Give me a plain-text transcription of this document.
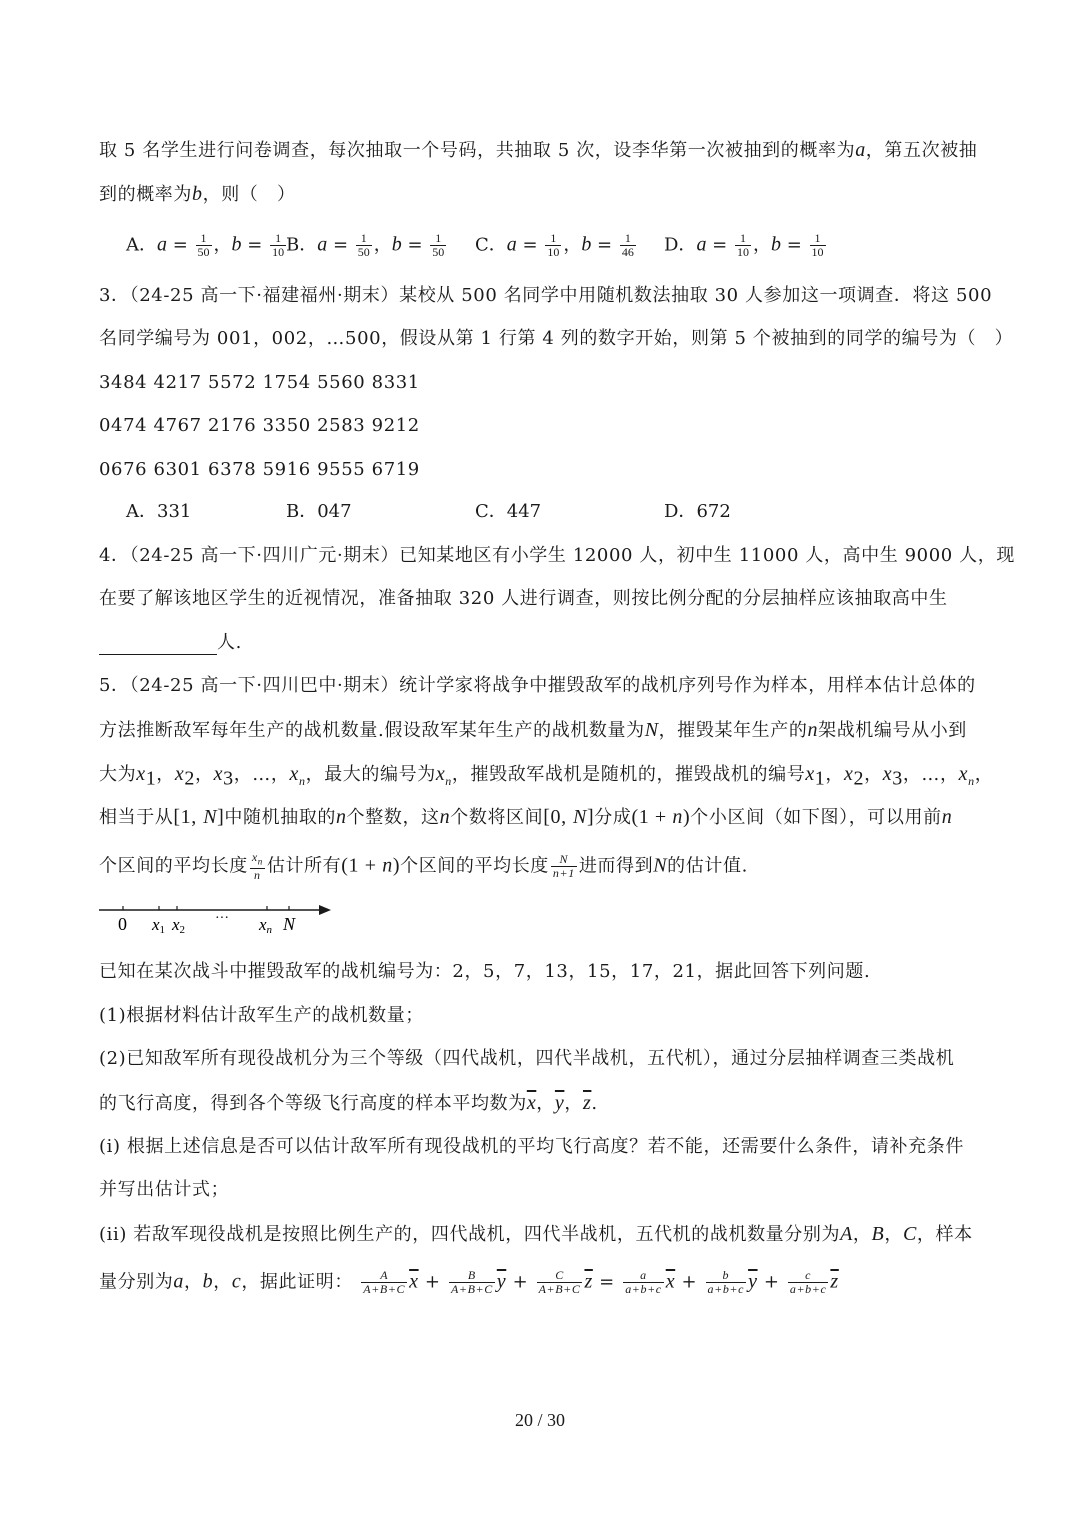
取 5 名学生进行问卷调查，每次抽取一个号码，共抽取 5 次，设李华第一次被抽到的概率为a，第五次被抽
到的概率为b，则（　）
A．$a = \frac{1}{50}$ ，$b = \frac{1}{10}$ B．$a = \frac{1}{50}$ ，$b = \frac{1}{50}$ C．$a = \frac{1}{10}$ ，$b = \frac{1}{46}$ D．$a = \frac{1}{10}$ ，$b = \frac{1}{10}$
3．（24-25 高一下·福建福州·期末）某校从 500 名同学中用随机数法抽取 30 人参加这一项调查．将这 500
名同学编号为 001，002，…500，假设从第 1 行第 4 列的数字开始，则第 5 个被抽到的同学的编号为（　）
3484 4217 5572 1754 5560 8331
0474 4767 2176 3350 2583 9212
0676 6301 6378 5916 9555 6719
A．331	B．047	C．447	D．672
4．（24-25 高一下·四川广元·期末）已知某地区有小学生 12000 人，初中生 11000 人，高中生 9000 人，现
在要了解该地区学生的近视情况，准备抽取 320 人进行调查，则按比例分配的分层抽样应该抽取高中生
人.
5．（24-25 高一下·四川巴中·期末）统计学家将战争中摧毁敌军的战机序列号作为样本，用样本估计总体的
方法推断敌军每年生产的战机数量.假设敌军某年生产的战机数量为N，摧毁某年生产的n架战机编号从小到
大为$x_1$，$x_2$，$x_3$，…，$x_n$，最大的编号为$x_n$，摧毁敌军战机是随机的，摧毁战机的编号$x_1$，$x_2$，$x_3$，…，$x_n$，
相当于从[1, N]中随机抽取的n个整数，这n个数将区间[0, N]分成(1 + n)个小区间（如下图），可以用前n
个区间的平均长度 $\frac{x_n}{n}$ 估计所有(1 + n)个区间的平均长度 $\frac{N}{n+1}$ 进而得到N的估计值.
0 x1 x2
··· xn N
已知在某次战斗中摧毁敌军的战机编号为：2，5，7，13，15，17，21，据此回答下列问题.
(1)根据材料估计敌军生产的战机数量；
(2)已知敌军所有现役战机分为三个等级（四代战机，四代半战机，五代机），通过分层抽样调查三类战机
的飞行高度，得到各个等级飞行高度的样本平均数为$\overline{x}$，$\overline{y}$，$\overline{z}$.
(i) 根据上述信息是否可以估计敌军所有现役战机的平均飞行高度？若不能，还需要什么条件，请补充条件
并写出估计式；
(ii) 若敌军现役战机是按照比例生产的，四代战机，四代半战机，五代机的战机数量分别为A，B，C，样本
量分别为a，b，c，据此证明： $\frac{A}{A+B+C} \overline{x} + \frac{B}{A+B+C} \overline{y} + \frac{C}{A+B+C} \overline{z} = \frac{a}{a+b+c} \overline{x} + \frac{b}{a+b+c} \overline{y} + \frac{c}{a+b+c} \overline{z}$
20 / 30
